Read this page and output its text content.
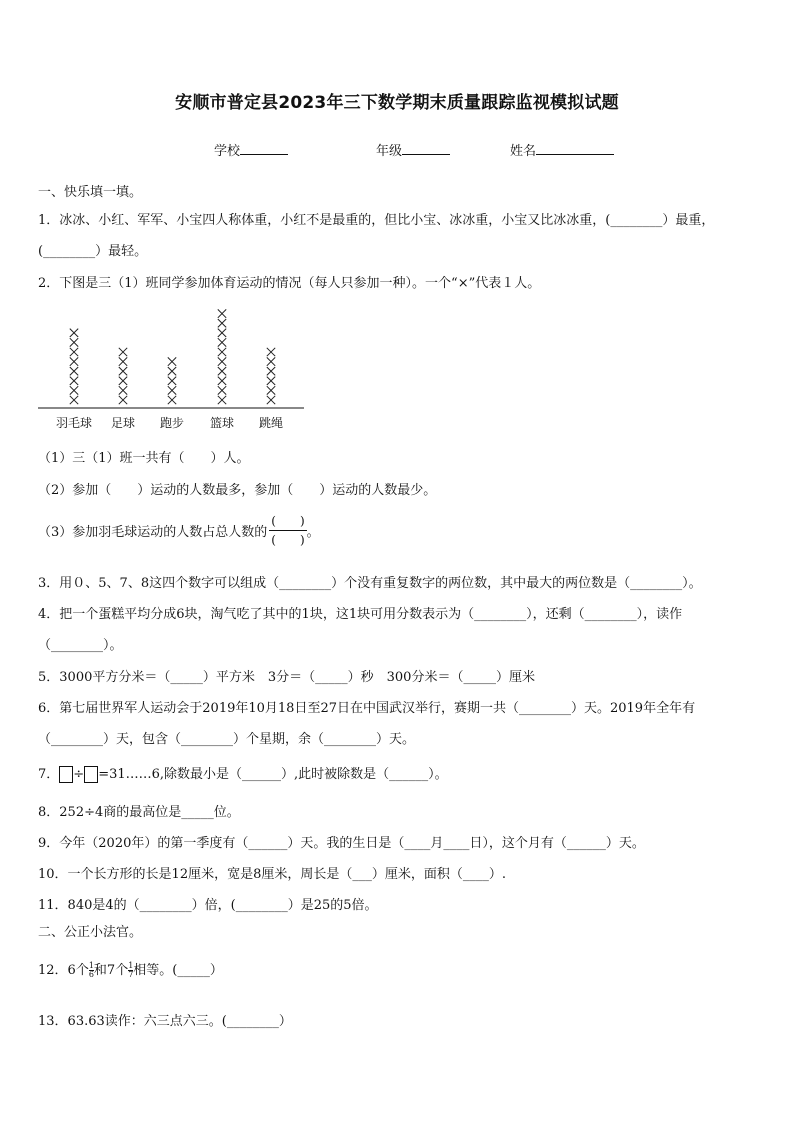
安顺市普定县2023年三下数学期末质量跟踪监视模拟试题
学校	年级	姓名
一、快乐填一填。
1．冰冰、小红、军军、小宝四人称体重，小红不是最重的，但比小宝、冰冰重，小宝又比冰冰重，(________）最重，
(________）最轻。
2．下图是三（1）班同学参加体育运动的情况（每人只参加一种）。一个“×”代表１人。
羽毛球 足球 跑步 篮球 跳绳
（1）三（1）班一共有（　　）人。
（2）参加（　　）运动的人数最多，参加（　　）运动的人数最少。
（3）参加羽毛球运动的人数占总人数的 $\frac{( )}{( )}$ 。
3．用０、5、7、8这四个数字可以组成（________）个没有重复数字的两位数，其中最大的两位数是（________）。
4．把一个蛋糕平均分成6块，淘气吃了其中的1块，这1块可用分数表示为（________），还剩（________），读作
（________）。
5．3000平方分米＝（_____）平方米　3分＝（_____）秒　300分米＝（_____）厘米
6．第七届世界军人运动会于2019年10月18日至27日在中国武汉举行，赛期一共（________）天。2019年全年有
（________）天，包含（________）个星期，余（________）天。
7． ÷ =31……6,除数最小是（______）,此时被除数是（______）。
8．252÷4商的最高位是_____位。
9．今年（2020年）的第一季度有（______）天。我的生日是（____月____日），这个月有（______）天。
10．一个长方形的长是12厘米，宽是8厘米，周长是（___）厘米，面积（____）.
11．840是4的（________）倍，(________）是25的5倍。
二、公正小法官。
12．6个 $\frac{1}{6}$ 和7个 $\frac{1}{7}$ 相等。(_____）
13．63.63读作：六三点六三。(________）
